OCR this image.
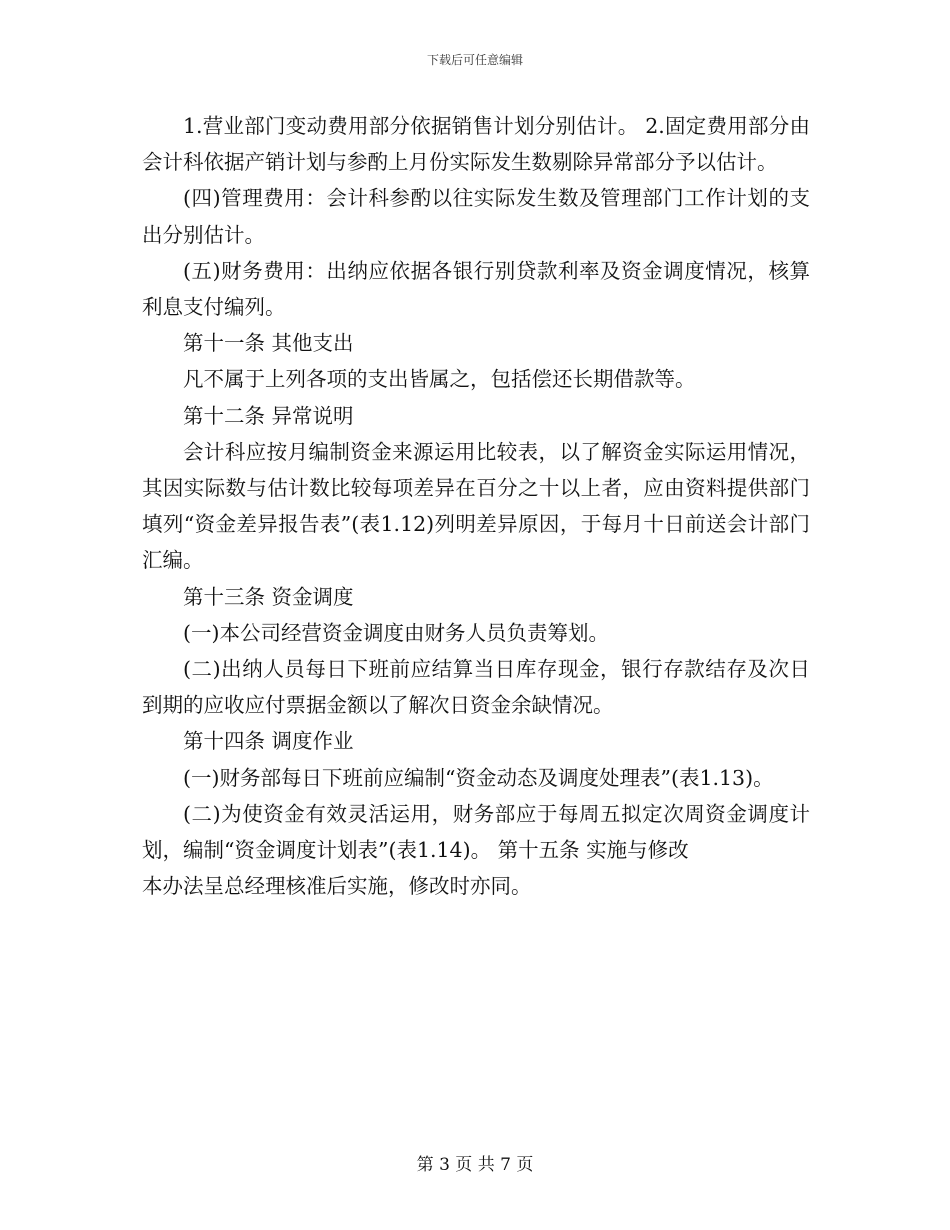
下载后可任意编辑

1.营业部门变动费用部分依据销售计划分别估计。 2.固定费用部分由会计科依据产销计划与参酌上月份实际发生数剔除异常部分予以估计。

(四)管理费用：会计科参酌以往实际发生数及管理部门工作计划的支出分别估计。

(五)财务费用：出纳应依据各银行别贷款利率及资金调度情况，核算利息支付编列。

第十一条 其他支出

凡不属于上列各项的支出皆属之，包括偿还长期借款等。

第十二条 异常说明

会计科应按月编制资金来源运用比较表，以了解资金实际运用情况，其因实际数与估计数比较每项差异在百分之十以上者，应由资料提供部门填列“资金差异报告表”(表1.12)列明差异原因，于每月十日前送会计部门汇编。

第十三条 资金调度

(一)本公司经营资金调度由财务人员负责筹划。

(二)出纳人员每日下班前应结算当日库存现金，银行存款结存及次日到期的应收应付票据金额以了解次日资金余缺情况。

第十四条 调度作业

(一)财务部每日下班前应编制“资金动态及调度处理表”(表1.13)。

(二)为使资金有效灵活运用，财务部应于每周五拟定次周资金调度计划，编制“资金调度计划表”(表1.14)。 第十五条 实施与修改

本办法呈总经理核准后实施，修改时亦同。

第 3 页 共 7 页
